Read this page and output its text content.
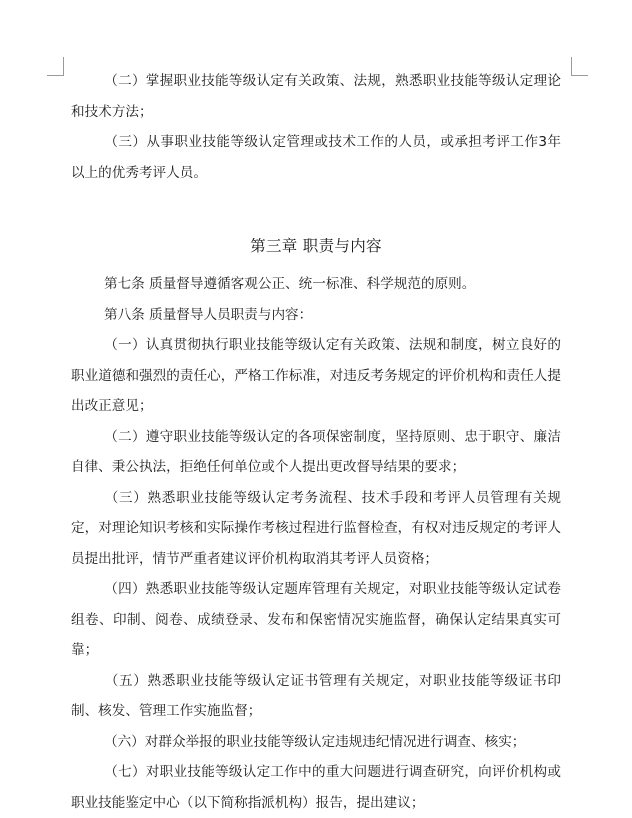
（二）掌握职业技能等级认定有关政策、法规，熟悉职业技能等级认定理论和技术方法；

（三）从事职业技能等级认定管理或技术工作的人员，或承担考评工作3年以上的优秀考评人员。

第三章 职责与内容

第七条 质量督导遵循客观公正、统一标准、科学规范的原则。

第八条 质量督导人员职责与内容：

（一）认真贯彻执行职业技能等级认定有关政策、法规和制度，树立良好的职业道德和强烈的责任心，严格工作标准，对违反考务规定的评价机构和责任人提出改正意见；

（二）遵守职业技能等级认定的各项保密制度，坚持原则、忠于职守、廉洁自律、秉公执法，拒绝任何单位或个人提出更改督导结果的要求；

（三）熟悉职业技能等级认定考务流程、技术手段和考评人员管理有关规定，对理论知识考核和实际操作考核过程进行监督检查，有权对违反规定的考评人员提出批评，情节严重者建议评价机构取消其考评人员资格；

（四）熟悉职业技能等级认定题库管理有关规定，对职业技能等级认定试卷组卷、印制、阅卷、成绩登录、发布和保密情况实施监督，确保认定结果真实可靠；

（五）熟悉职业技能等级认定证书管理有关规定，对职业技能等级证书印制、核发、管理工作实施监督；

（六）对群众举报的职业技能等级认定违规违纪情况进行调查、核实；

（七）对职业技能等级认定工作中的重大问题进行调查研究，向评价机构或职业技能鉴定中心（以下简称指派机构）报告，提出建议；
